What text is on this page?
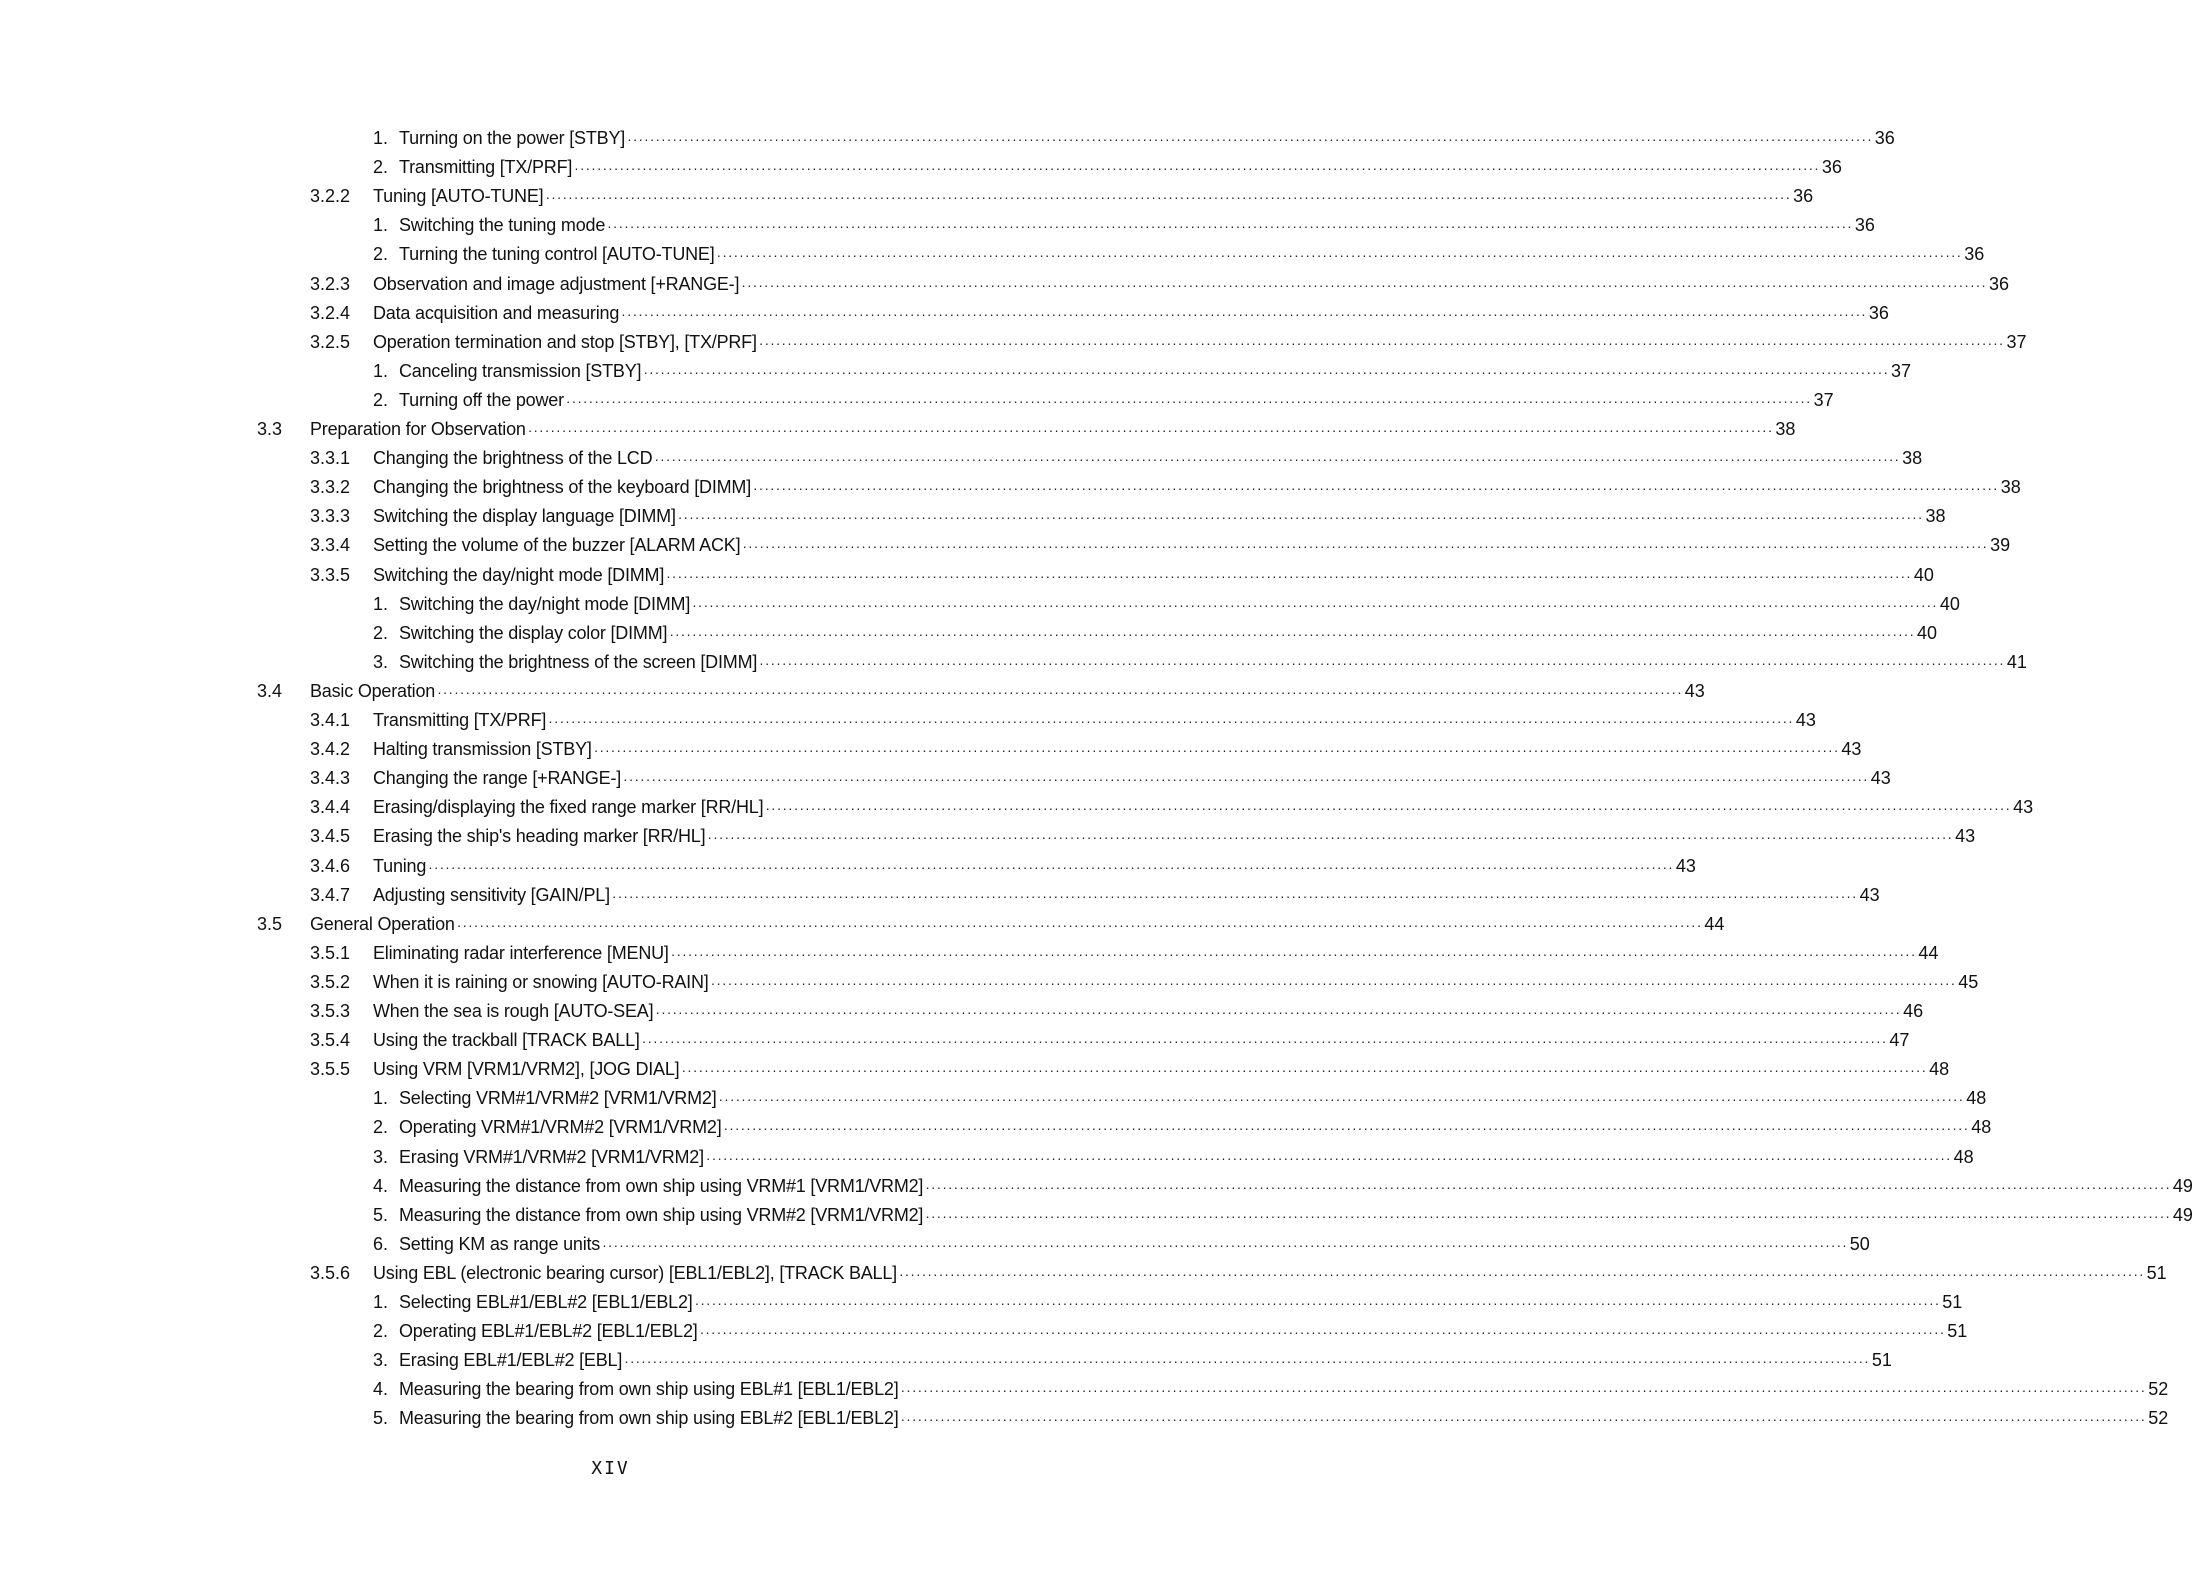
1. Turning on the power [STBY] ···························································································································································································································· 36
2. Transmitting [TX/PRF] ···························································································································································································································· 36
3.2.2 Tuning [AUTO-TUNE] ···························································································································································································································· 36
1. Switching the tuning mode ···························································································································································································································· 36
2. Turning the tuning control [AUTO-TUNE] ···························································································································································································································· 36
3.2.3 Observation and image adjustment [+RANGE-] ···························································································································································································································· 36
3.2.4 Data acquisition and measuring ···························································································································································································································· 36
3.2.5 Operation termination and stop [STBY], [TX/PRF] ···························································································································································································································· 37
1. Canceling transmission [STBY] ···························································································································································································································· 37
2. Turning off the power ···························································································································································································································· 37
3.3 Preparation for Observation ···························································································································································································································· 38
3.3.1 Changing the brightness of the LCD ···························································································································································································································· 38
3.3.2 Changing the brightness of the keyboard [DIMM] ···························································································································································································································· 38
3.3.3 Switching the display language [DIMM] ···························································································································································································································· 38
3.3.4 Setting the volume of the buzzer [ALARM ACK] ···························································································································································································································· 39
3.3.5 Switching the day/night mode [DIMM] ···························································································································································································································· 40
1. Switching the day/night mode [DIMM] ···························································································································································································································· 40
2. Switching the display color [DIMM] ···························································································································································································································· 40
3. Switching the brightness of the screen [DIMM] ···························································································································································································································· 41
3.4 Basic Operation ···························································································································································································································· 43
3.4.1 Transmitting [TX/PRF] ···························································································································································································································· 43
3.4.2 Halting transmission [STBY] ···························································································································································································································· 43
3.4.3 Changing the range [+RANGE-] ···························································································································································································································· 43
3.4.4 Erasing/displaying the fixed range marker [RR/HL] ···························································································································································································································· 43
3.4.5 Erasing the ship's heading marker [RR/HL] ···························································································································································································································· 43
3.4.6 Tuning ···························································································································································································································· 43
3.4.7 Adjusting sensitivity [GAIN/PL] ···························································································································································································································· 43
3.5 General Operation ···························································································································································································································· 44
3.5.1 Eliminating radar interference [MENU] ···························································································································································································································· 44
3.5.2 When it is raining or snowing [AUTO-RAIN] ···························································································································································································································· 45
3.5.3 When the sea is rough [AUTO-SEA] ···························································································································································································································· 46
3.5.4 Using the trackball [TRACK BALL] ···························································································································································································································· 47
3.5.5 Using VRM [VRM1/VRM2], [JOG DIAL] ···························································································································································································································· 48
1. Selecting VRM#1/VRM#2 [VRM1/VRM2] ···························································································································································································································· 48
2. Operating VRM#1/VRM#2 [VRM1/VRM2] ···························································································································································································································· 48
3. Erasing VRM#1/VRM#2 [VRM1/VRM2] ···························································································································································································································· 48
4. Measuring the distance from own ship using VRM#1 [VRM1/VRM2] ···························································································································································································································· 49
5. Measuring the distance from own ship using VRM#2 [VRM1/VRM2] ···························································································································································································································· 49
6. Setting KM as range units ···························································································································································································································· 50
3.5.6 Using EBL (electronic bearing cursor) [EBL1/EBL2], [TRACK BALL] ···························································································································································································································· 51
1. Selecting EBL#1/EBL#2 [EBL1/EBL2] ···························································································································································································································· 51
2. Operating EBL#1/EBL#2 [EBL1/EBL2] ···························································································································································································································· 51
3. Erasing EBL#1/EBL#2 [EBL] ···························································································································································································································· 51
4. Measuring the bearing from own ship using EBL#1 [EBL1/EBL2] ···························································································································································································································· 52
5. Measuring the bearing from own ship using EBL#2 [EBL1/EBL2] ···························································································································································································································· 52
XIV
